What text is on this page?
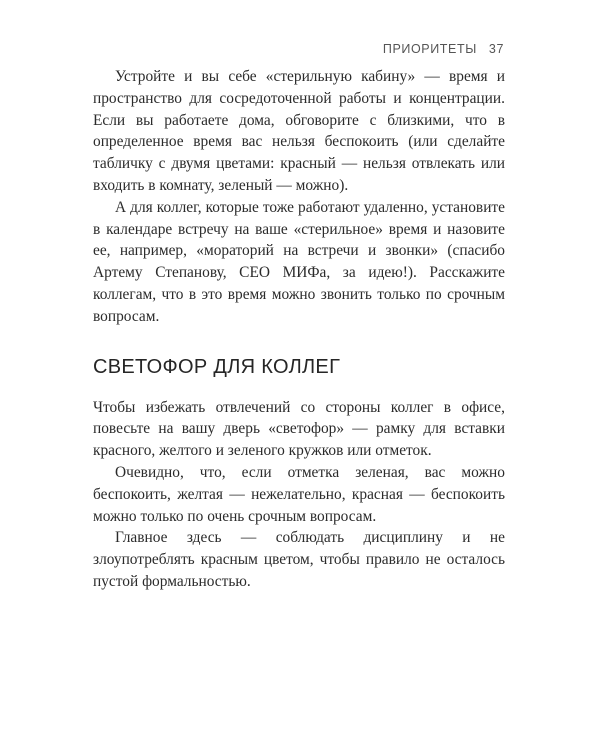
ПРИОРИТЕТЫ 37

Устройте и вы себе «стерильную кабину» — время и пространство для сосредоточенной работы и концентрации. Если вы работаете дома, обговорите с близкими, что в определенное время вас нельзя беспокоить (или сделайте табличку с двумя цветами: красный — нельзя отвлекать или входить в комнату, зеленый — можно).

А для коллег, которые тоже работают удаленно, установите в календаре встречу на ваше «стерильное» время и назовите ее, например, «мораторий на встречи и звонки» (спасибо Артему Степанову, СЕО МИФа, за идею!). Расскажите коллегам, что в это время можно звонить только по срочным вопросам.

СВЕТОФОР ДЛЯ КОЛЛЕГ

Чтобы избежать отвлечений со стороны коллег в офисе, повесьте на вашу дверь «светофор» — рамку для вставки красного, желтого и зеленого кружков или отметок.

Очевидно, что, если отметка зеленая, вас можно беспокоить, желтая — нежелательно, красная — беспокоить можно только по очень срочным вопросам.

Главное здесь — соблюдать дисциплину и не злоупотреблять красным цветом, чтобы правило не осталось пустой формальностью.
